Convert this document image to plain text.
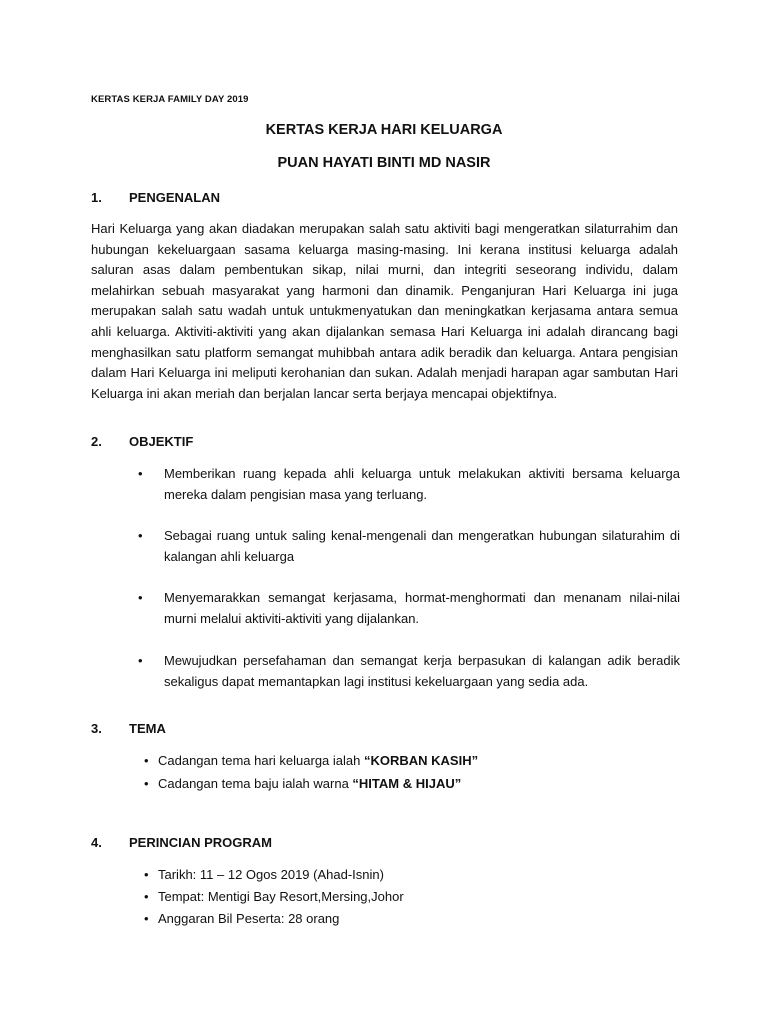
KERTAS KERJA FAMILY DAY 2019
KERTAS KERJA HARI KELUARGA
PUAN HAYATI BINTI MD NASIR
1. PENGENALAN

Hari Keluarga yang akan diadakan merupakan salah satu aktiviti bagi mengeratkan silaturrahim dan hubungan kekeluargaan sasama keluarga masing-masing. Ini kerana institusi keluarga adalah saluran asas dalam pembentukan sikap, nilai murni, dan integriti seseorang individu, dalam melahirkan sebuah masyarakat yang harmoni dan dinamik. Penganjuran Hari Keluarga ini juga merupakan salah satu wadah untuk untukmenyatukan dan meningkatkan kerjasama antara semua ahli keluarga. Aktiviti-aktiviti yang akan dijalankan semasa Hari Keluarga ini adalah dirancang bagi menghasilkan satu platform semangat muhibbah antara adik beradik dan keluarga. Antara pengisian dalam Hari Keluarga ini meliputi kerohanian dan sukan. Adalah menjadi harapan agar sambutan Hari Keluarga ini akan meriah dan berjalan lancar serta berjaya mencapai objektifnya.

2. OBJEKTIF
•	Memberikan ruang kepada ahli keluarga untuk melakukan aktiviti bersama keluarga mereka dalam pengisian masa yang terluang.
•	Sebagai ruang untuk saling kenal-mengenali dan mengeratkan hubungan silaturahim di kalangan ahli keluarga
•	Menyemarakkan semangat kerjasama, hormat-menghormati dan menanam nilai-nilai murni melalui aktiviti-aktiviti yang dijalankan.
•	Mewujudkan persefahaman dan semangat kerja berpasukan di kalangan adik beradik sekaligus dapat memantapkan lagi institusi kekeluargaan yang sedia ada.
3. TEMA
• Cadangan tema hari keluarga ialah “KORBAN KASIH”
• Cadangan tema baju ialah warna “HITAM & HIJAU”
4. PERINCIAN PROGRAM
• Tarikh: 11 – 12 Ogos 2019 (Ahad-Isnin)
• Tempat: Mentigi Bay Resort,Mersing,Johor
• Anggaran Bil Peserta: 28 orang
